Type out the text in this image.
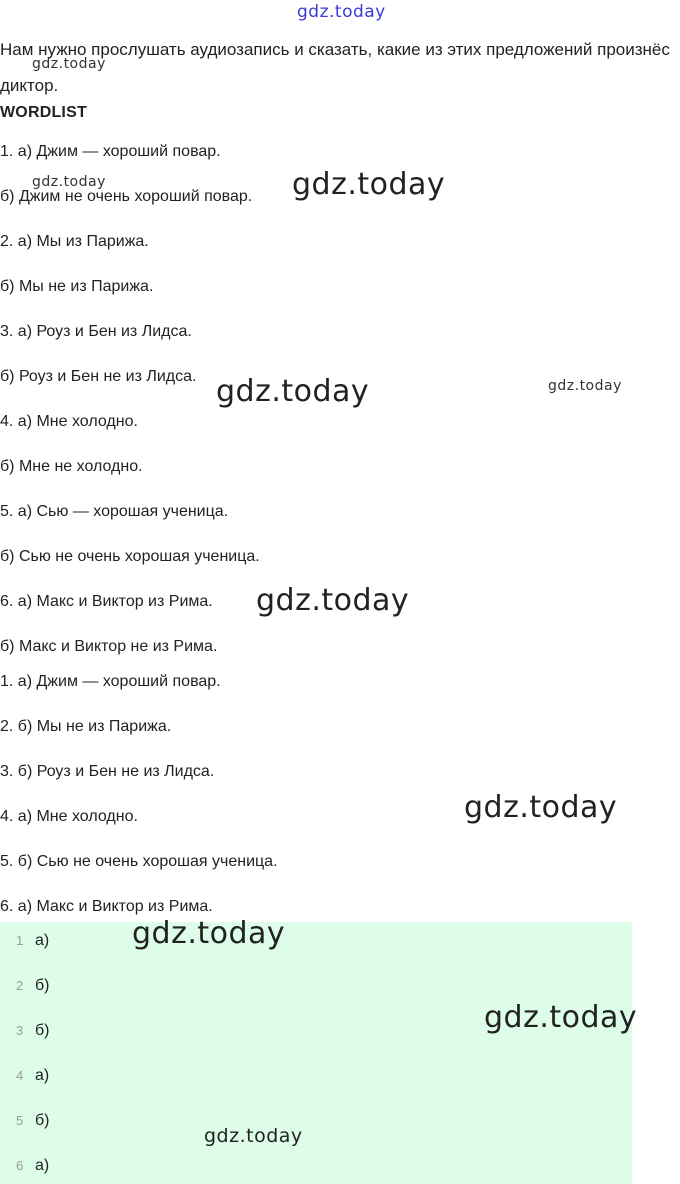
gdz.today
gdz.today
gdz.today	gdz.today
gdz.today	gdz.today
gdz.today
gdz.today

Нам нужно прослушать аудиозапись и сказать, какие из этих предложений произнёс диктор.

WORDLIST

1. а) Джим — хороший повар.

б) Джим не очень хороший повар.

2. а) Мы из Парижа.

б) Мы не из Парижа.

3. а) Роуз и Бен из Лидса.

б) Роуз и Бен не из Лидса.

4. а) Мне холодно.

б) Мне не холодно.

5. а) Сью — хорошая ученица.

б) Сью не очень хорошая ученица.

6. а) Макс и Виктор из Рима.

б) Макс и Виктор не из Рима.

1. а) Джим — хороший повар.

2. б) Мы не из Парижа.

3. б) Роуз и Бен не из Лидса.

4. а) Мне холодно.

5. б) Сью не очень хорошая ученица.

6. а) Макс и Виктор из Рима.

1 а)
2 б)
3 б)
4 а)
5 б)
6 а)
gdz.today
gdz.today
gdz.today
